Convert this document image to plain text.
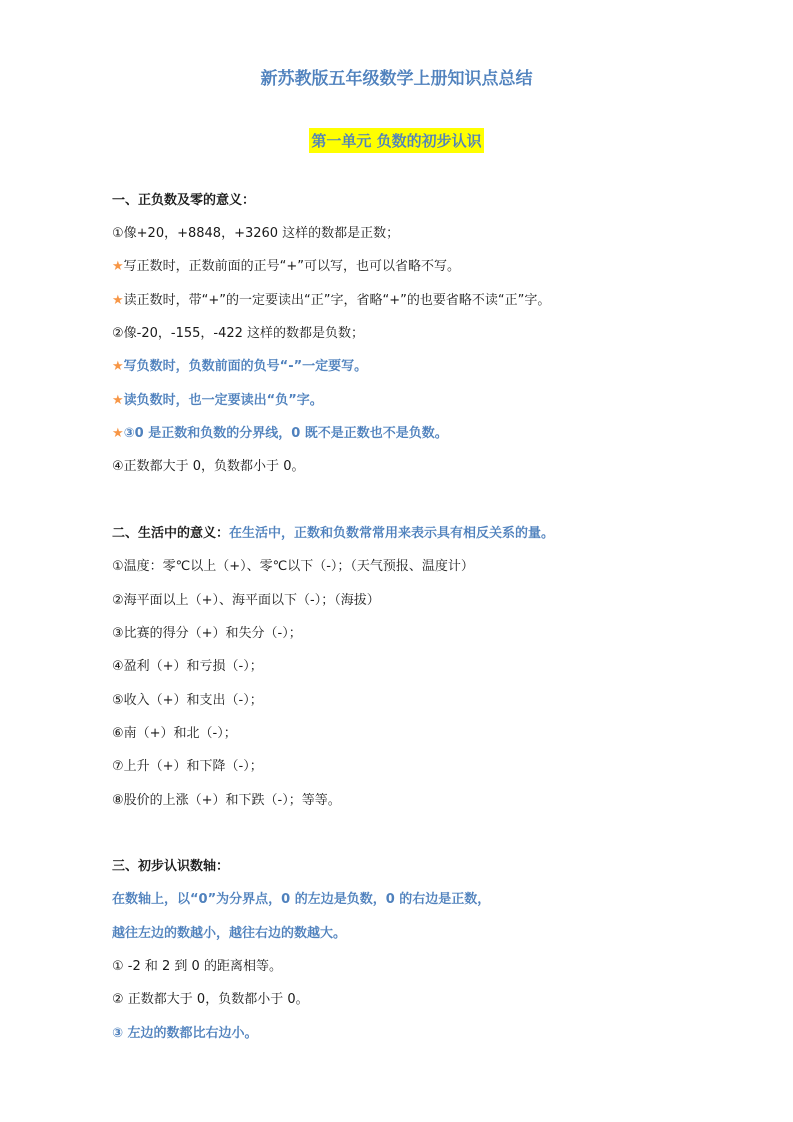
新苏教版五年级数学上册知识点总结
第一单元 负数的初步认识
一、正负数及零的意义：
①像+20，+8848，+3260 这样的数都是正数；
★写正数时，正数前面的正号“+”可以写，也可以省略不写。
★读正数时，带“+”的一定要读出“正”字，省略“+”的也要省略不读“正”字。
②像-20，-155，-422 这样的数都是负数；
★写负数时，负数前面的负号“-”一定要写。
★读负数时，也一定要读出“负”字。
★③0 是正数和负数的分界线，0 既不是正数也不是负数。
④正数都大于 0，负数都小于 0。
二、生活中的意义：在生活中，正数和负数常常用来表示具有相反关系的量。
①温度：零℃以上（+）、零℃以下（-）；（天气预报、温度计）
②海平面以上（+）、海平面以下（-）；（海拔）
③比赛的得分（+）和失分（-）；
④盈利（+）和亏损（-）；
⑤收入（+）和支出（-）；
⑥南（+）和北（-）；
⑦上升（+）和下降（-）；
⑧股价的上涨（+）和下跌（-）；等等。
三、初步认识数轴：
在数轴上，以“0”为分界点，0 的左边是负数，0 的右边是正数，
越往左边的数越小，越往右边的数越大。
① -2 和 2 到 0 的距离相等。
② 正数都大于 0，负数都小于 0。
③ 左边的数都比右边小。
